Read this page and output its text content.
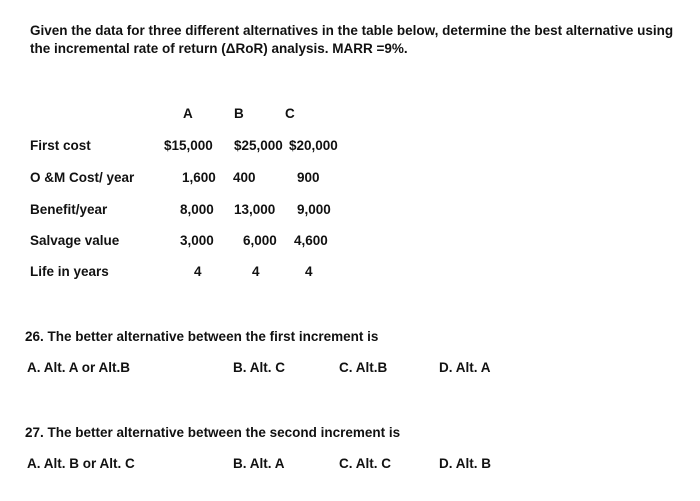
Given the data for three different alternatives in the table below, determine the best alternative using
the incremental rate of return (ΔRoR) analysis. MARR =9%.
A	B	C
First cost	$15,000 $25,000 $20,000
O &M Cost/ year	1,600 400	900
Benefit/year	8,000 13,000 9,000
Salvage value	3,000 6,000 4,600
Life in years	4	4	4
26. The better alternative between the first increment is
A. Alt. A or Alt.B	B. Alt. C	C. Alt.B	D. Alt. A
27. The better alternative between the second increment is
A. Alt. B or Alt. C	B. Alt. A	C. Alt. C	D. Alt. B
